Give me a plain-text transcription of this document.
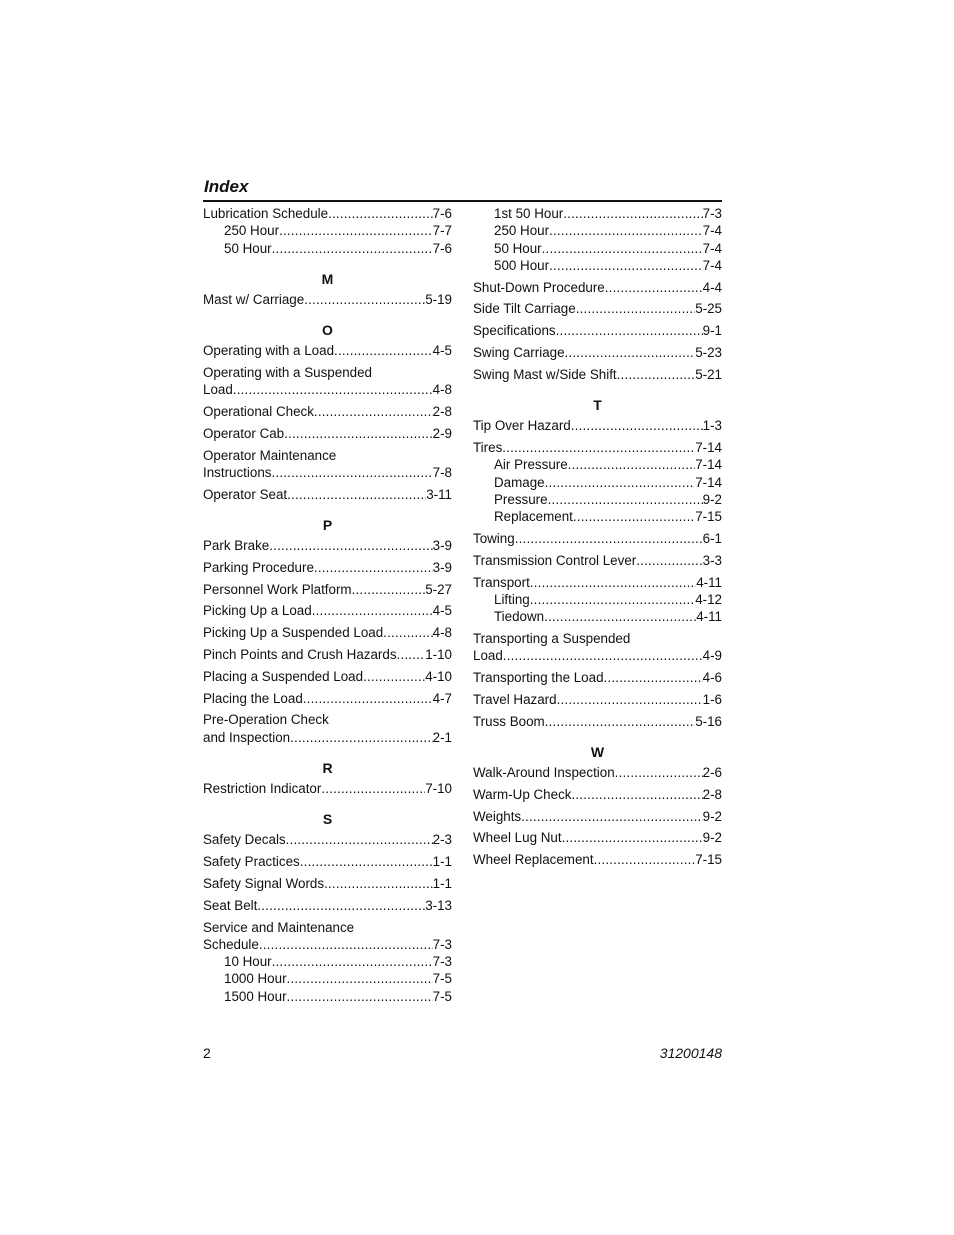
Index
Lubrication Schedule .....	7-6
250 Hour .....	7-7
50 Hour .....	7-6
M
Mast w/ Carriage .....	5-19
O
Operating with a Load .....	4-5
Operating with a Suspended
Load .....	4-8
Operational Check .....	2-8
Operator Cab .....	2-9
Operator Maintenance
Instructions .....	7-8
Operator Seat .....	3-11
P
Park Brake .....	3-9
Parking Procedure .....	3-9
Personnel Work Platform .....	5-27
Picking Up a Load .....	4-5
Picking Up a Suspended Load .....	4-8
Pinch Points and Crush Hazards ..... 1-10
Placing a Suspended Load .....	4-10
Placing the Load .....	4-7
Pre-Operation Check
and Inspection .....	2-1
R
Restriction Indicator .....	7-10
S
Safety Decals .....	2-3
Safety Practices .....	1-1
Safety Signal Words .....	1-1
Seat Belt .....	3-13
Service and Maintenance
Schedule .....	7-3
10 Hour .....	7-3
1000 Hour .....	7-5
1500 Hour .....	7-5
1st 50 Hour .....	7-3
250 Hour .....	7-4
50 Hour .....	7-4
500 Hour .....	7-4
Shut-Down Procedure .....	4-4
Side Tilt Carriage .....	5-25
Specifications .....	9-1
Swing Carriage .....	5-23
Swing Mast w/Side Shift .....	5-21
T
Tip Over Hazard .....	1-3
Tires .....	7-14
Air Pressure .....	7-14
Damage .....	7-14
Pressure .....	9-2
Replacement .....	7-15
Towing .....	6-1
Transmission Control Lever .....	3-3
Transport .....	4-11
Lifting .....	4-12
Tiedown .....	4-11
Transporting a Suspended
Load .....	4-9
Transporting the Load .....	4-6
Travel Hazard .....	1-6
Truss Boom .....	5-16
W
Walk-Around Inspection .....	2-6
Warm-Up Check .....	2-8
Weights .....	9-2
Wheel Lug Nut .....	9-2
Wheel Replacement .....	7-15
2	31200148
